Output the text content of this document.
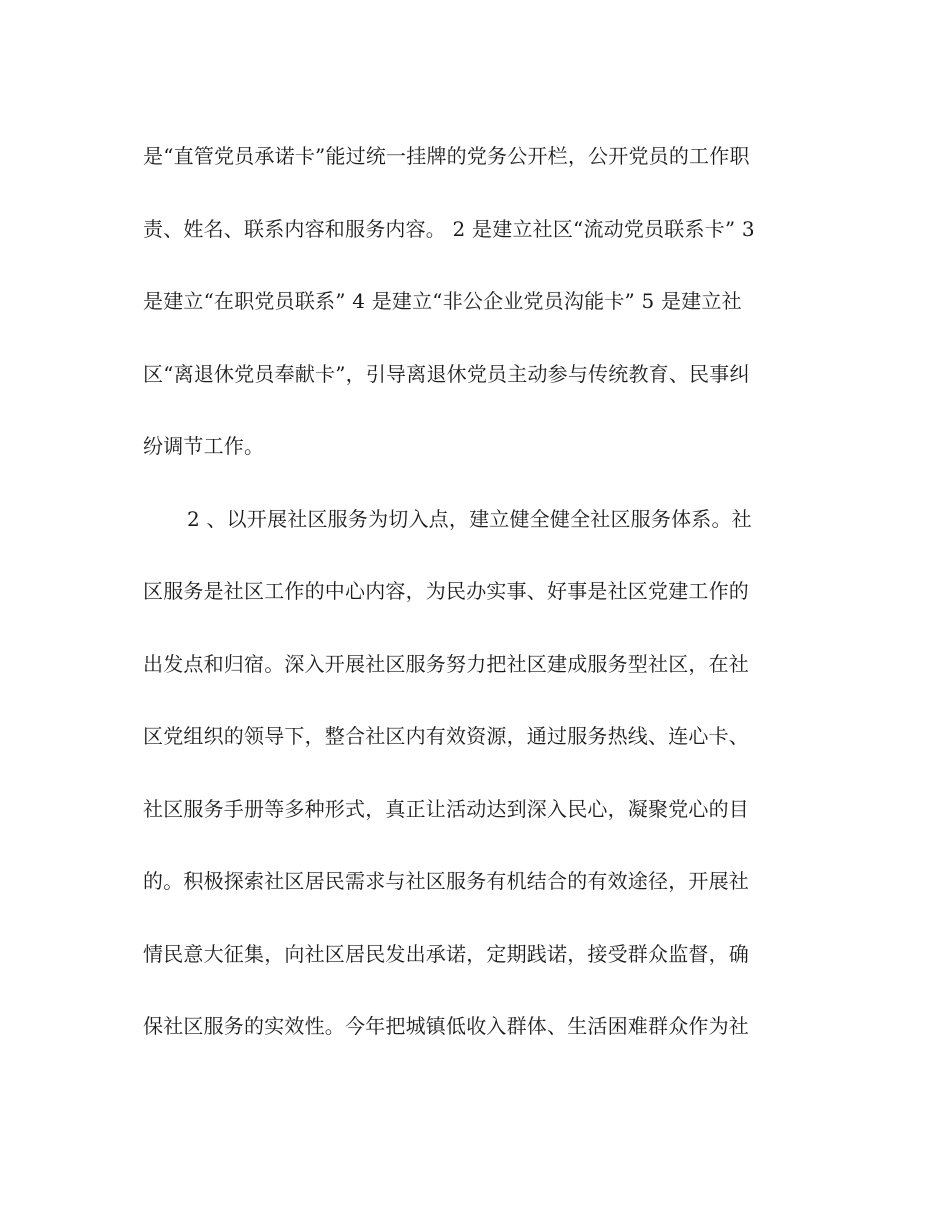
是“直管党员承诺卡”能过统一挂牌的党务公开栏，公开党员的工作职
责、姓名、联系内容和服务内容。 2 是建立社区“流动党员联系卡” 3
是建立“在职党员联系” 4 是建立“非公企业党员沟能卡” 5 是建立社
区“离退休党员奉献卡”，引导离退休党员主动参与传统教育、民事纠
纷调节工作。
2 、以开展社区服务为切入点，建立健全健全社区服务体系。社
区服务是社区工作的中心内容，为民办实事、好事是社区党建工作的
出发点和归宿。深入开展社区服务努力把社区建成服务型社区，在社
区党组织的领导下，整合社区内有效资源，通过服务热线、连心卡、
社区服务手册等多种形式，真正让活动达到深入民心，凝聚党心的目
的。积极探索社区居民需求与社区服务有机结合的有效途径，开展社
情民意大征集，向社区居民发出承诺，定期践诺，接受群众监督，确
保社区服务的实效性。今年把城镇低收入群体、生活困难群众作为社
